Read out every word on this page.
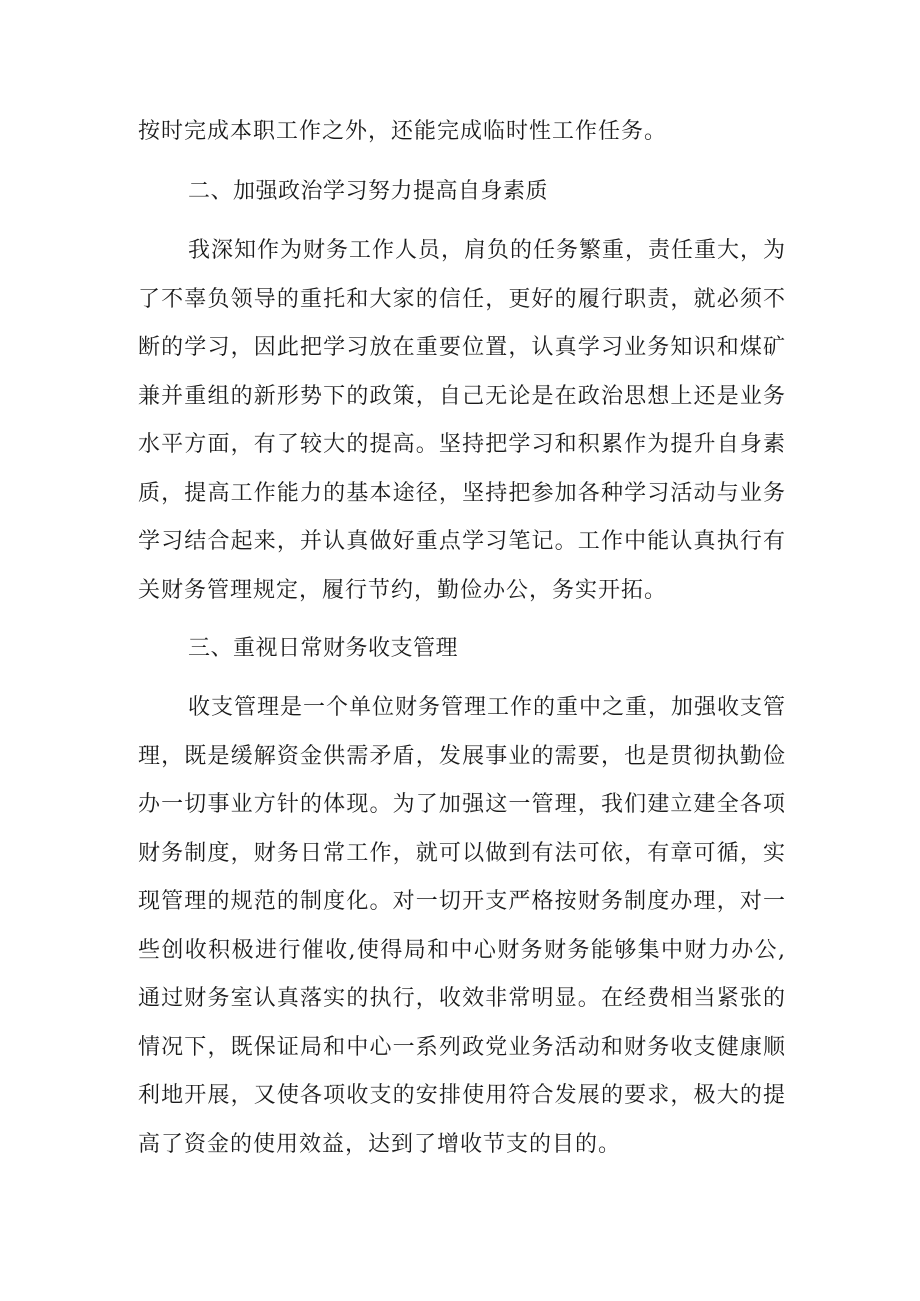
按时完成本职工作之外，还能完成临时性工作任务。

二、加强政治学习努力提高自身素质

我深知作为财务工作人员，肩负的任务繁重，责任重大，为了不辜负领导的重托和大家的信任，更好的履行职责，就必须不断的学习，因此把学习放在重要位置，认真学习业务知识和煤矿兼并重组的新形势下的政策，自己无论是在政治思想上还是业务水平方面，有了较大的提高。坚持把学习和积累作为提升自身素质，提高工作能力的基本途径，坚持把参加各种学习活动与业务学习结合起来，并认真做好重点学习笔记。工作中能认真执行有关财务管理规定，履行节约，勤俭办公，务实开拓。

三、重视日常财务收支管理

收支管理是一个单位财务管理工作的重中之重，加强收支管理，既是缓解资金供需矛盾，发展事业的需要，也是贯彻执勤俭办一切事业方针的体现。为了加强这一管理，我们建立建全各项财务制度，财务日常工作，就可以做到有法可依，有章可循，实现管理的规范的制度化。对一切开支严格按财务制度办理，对一些创收积极进行催收,使得局和中心财务财务能够集中财力办公,通过财务室认真落实的执行，收效非常明显。在经费相当紧张的情况下，既保证局和中心一系列政党业务活动和财务收支健康顺利地开展，又使各项收支的安排使用符合发展的要求，极大的提高了资金的使用效益，达到了增收节支的目的。
